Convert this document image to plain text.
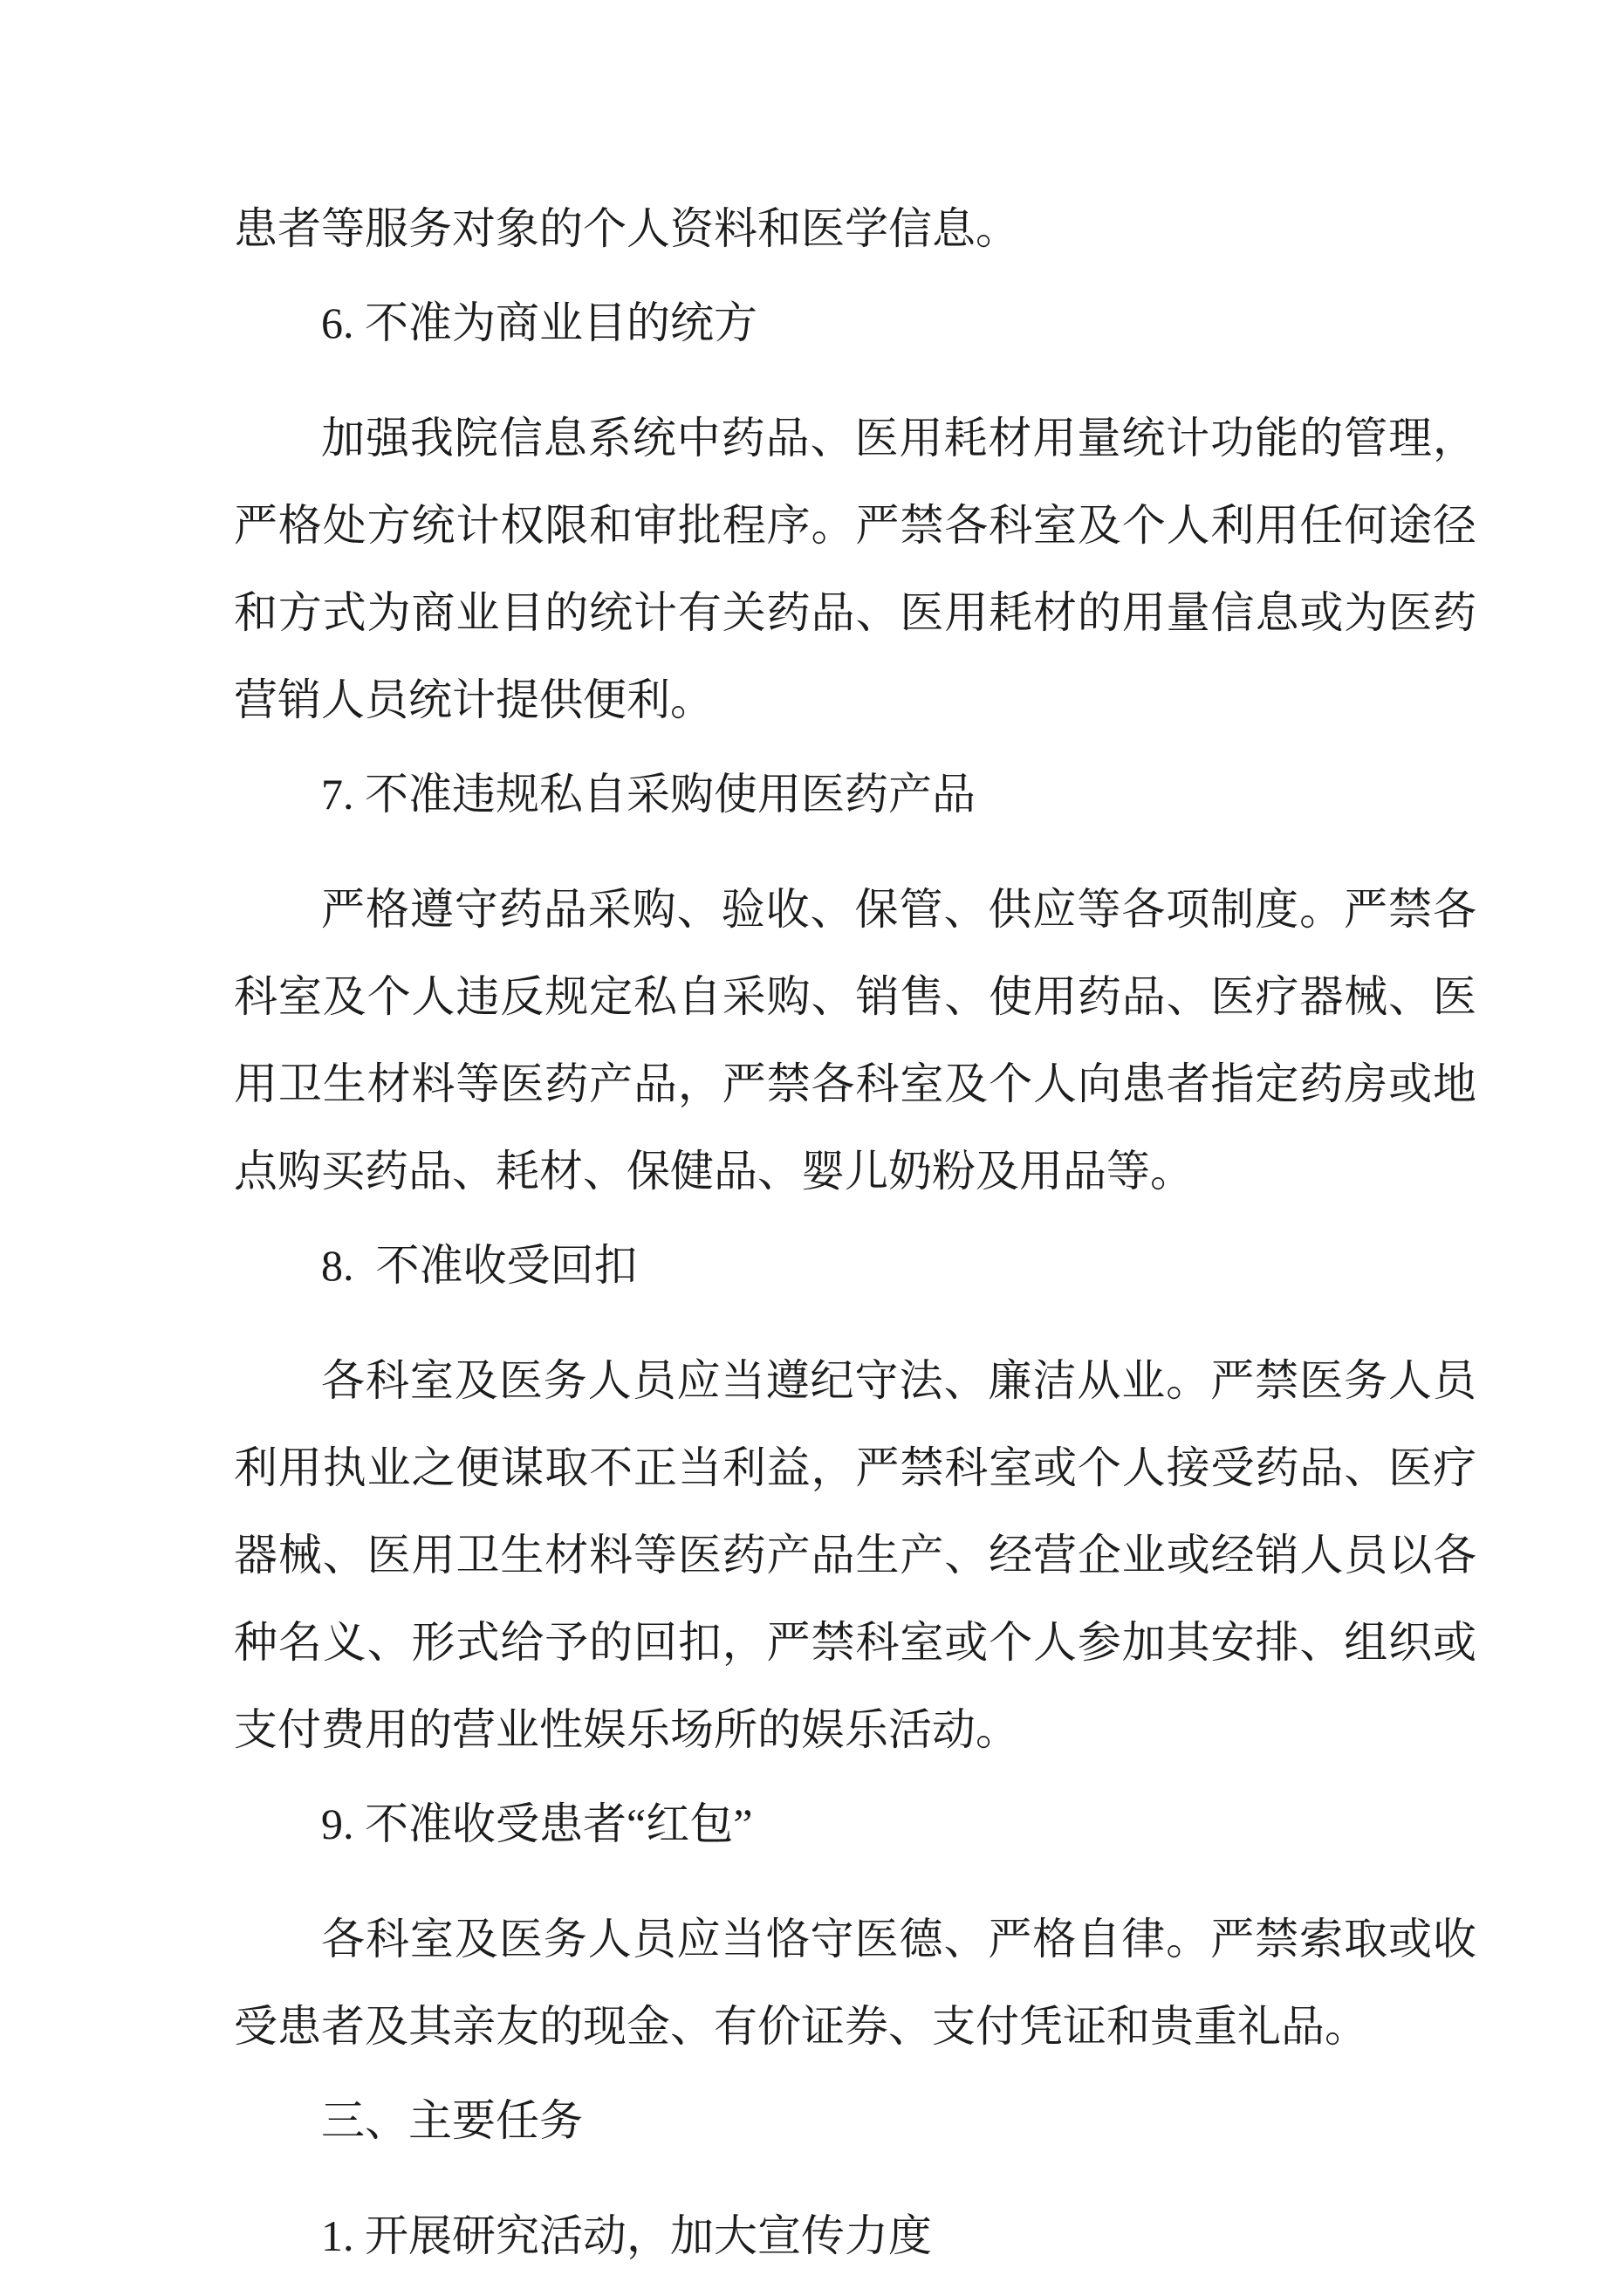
患者等服务对象的个人资料和医学信息。

6. 不准为商业目的统方

加强我院信息系统中药品、医用耗材用量统计功能的管理，严格处方统计权限和审批程序。严禁各科室及个人利用任何途径和方式为商业目的统计有关药品、医用耗材的用量信息或为医药营销人员统计提供便利。

7. 不准违规私自采购使用医药产品

严格遵守药品采购、验收、保管、供应等各项制度。严禁各科室及个人违反规定私自采购、销售、使用药品、医疗器械、医用卫生材料等医药产品，严禁各科室及个人向患者指定药房或地点购买药品、耗材、保健品、婴儿奶粉及用品等。

8.  不准收受回扣

各科室及医务人员应当遵纪守法、廉洁从业。严禁医务人员利用执业之便谋取不正当利益，严禁科室或个人接受药品、医疗器械、医用卫生材料等医药产品生产、经营企业或经销人员以各种名义、形式给予的回扣，严禁科室或个人参加其安排、组织或支付费用的营业性娱乐场所的娱乐活动。

9. 不准收受患者“红包”

各科室及医务人员应当恪守医德、严格自律。严禁索取或收受患者及其亲友的现金、有价证券、支付凭证和贵重礼品。

三、主要任务

1. 开展研究活动，加大宣传力度
